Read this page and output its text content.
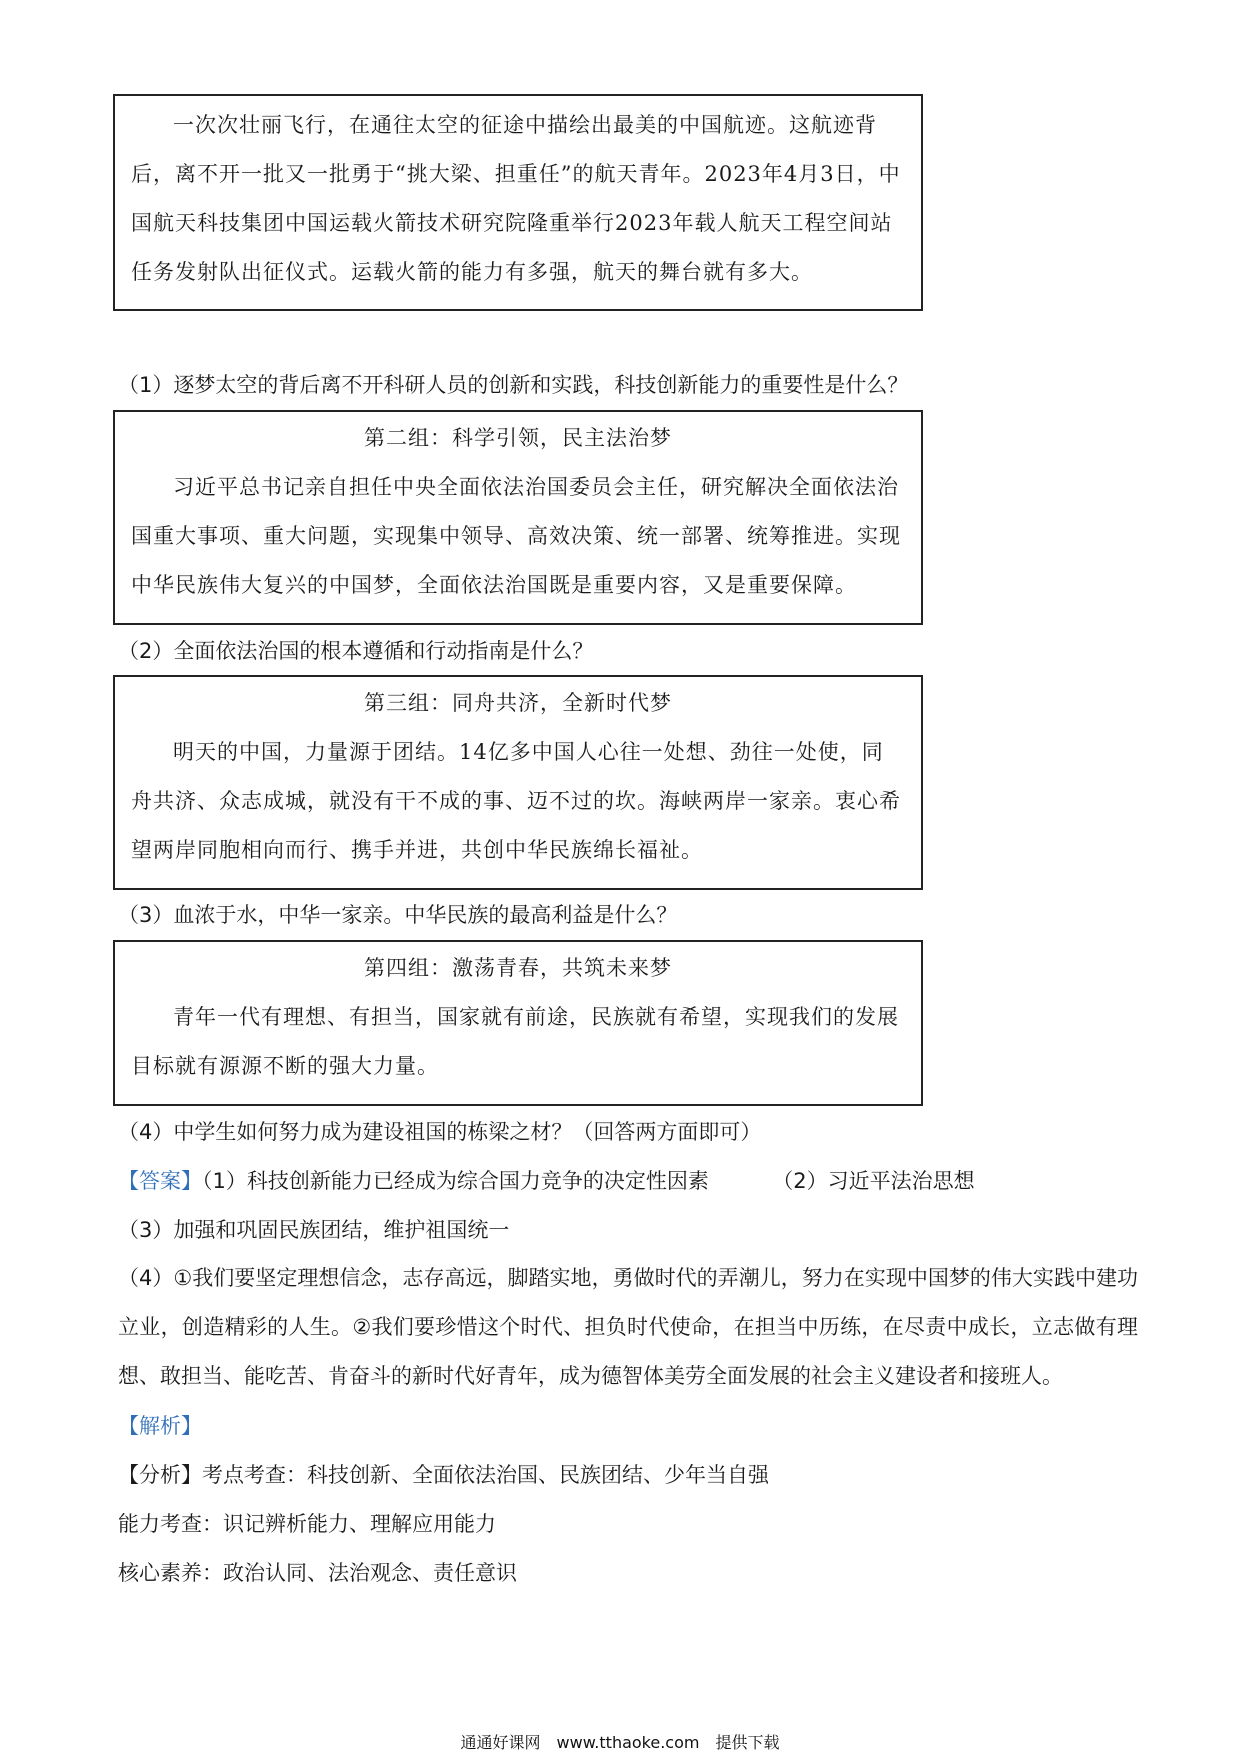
一次次壮丽飞行，在通往太空的征途中描绘出最美的中国航迹。这航迹背后，离不开一批又一批勇于“挑大梁、担重任”的航天青年。2023年4月3日，中国航天科技集团中国运载火箭技术研究院隆重举行2023年载人航天工程空间站任务发射队出征仪式。运载火箭的能力有多强，航天的舞台就有多大。

（1）逐梦太空的背后离不开科研人员的创新和实践，科技创新能力的重要性是什么？

第二组：科学引领，民主法治梦

习近平总书记亲自担任中央全面依法治国委员会主任，研究解决全面依法治国重大事项、重大问题，实现集中领导、高效决策、统一部署、统筹推进。实现中华民族伟大复兴的中国梦，全面依法治国既是重要内容，又是重要保障。

（2）全面依法治国的根本遵循和行动指南是什么？

第三组：同舟共济，全新时代梦

明天的中国，力量源于团结。14亿多中国人心往一处想、劲往一处使，同舟共济、众志成城，就没有干不成的事、迈不过的坎。海峡两岸一家亲。衷心希望两岸同胞相向而行、携手并进，共创中华民族绵长福祉。

（3）血浓于水，中华一家亲。中华民族的最高利益是什么？

第四组：激荡青春，共筑未来梦

青年一代有理想、有担当，国家就有前途，民族就有希望，实现我们的发展目标就有源源不断的强大力量。

（4）中学生如何努力成为建设祖国的栋梁之材？（回答两方面即可）
【答案】（1）科技创新能力已经成为综合国力竞争的决定性因素	（2）习近平法治思想
（3）加强和巩固民族团结，维护祖国统一
（4）①我们要坚定理想信念，志存高远，脚踏实地，勇做时代的弄潮儿，努力在实现中国梦的伟大实践中建功立业，创造精彩的人生。②我们要珍惜这个时代、担负时代使命，在担当中历练，在尽责中成长，立志做有理想、敢担当、能吃苦、肯奋斗的新时代好青年，成为德智体美劳全面发展的社会主义建设者和接班人。
【解析】
【分析】考点考查：科技创新、全面依法治国、民族团结、少年当自强
能力考查：识记辨析能力、理解应用能力
核心素养：政治认同、法治观念、责任意识
通通好课网 www.tthaoke.com 提供下载
